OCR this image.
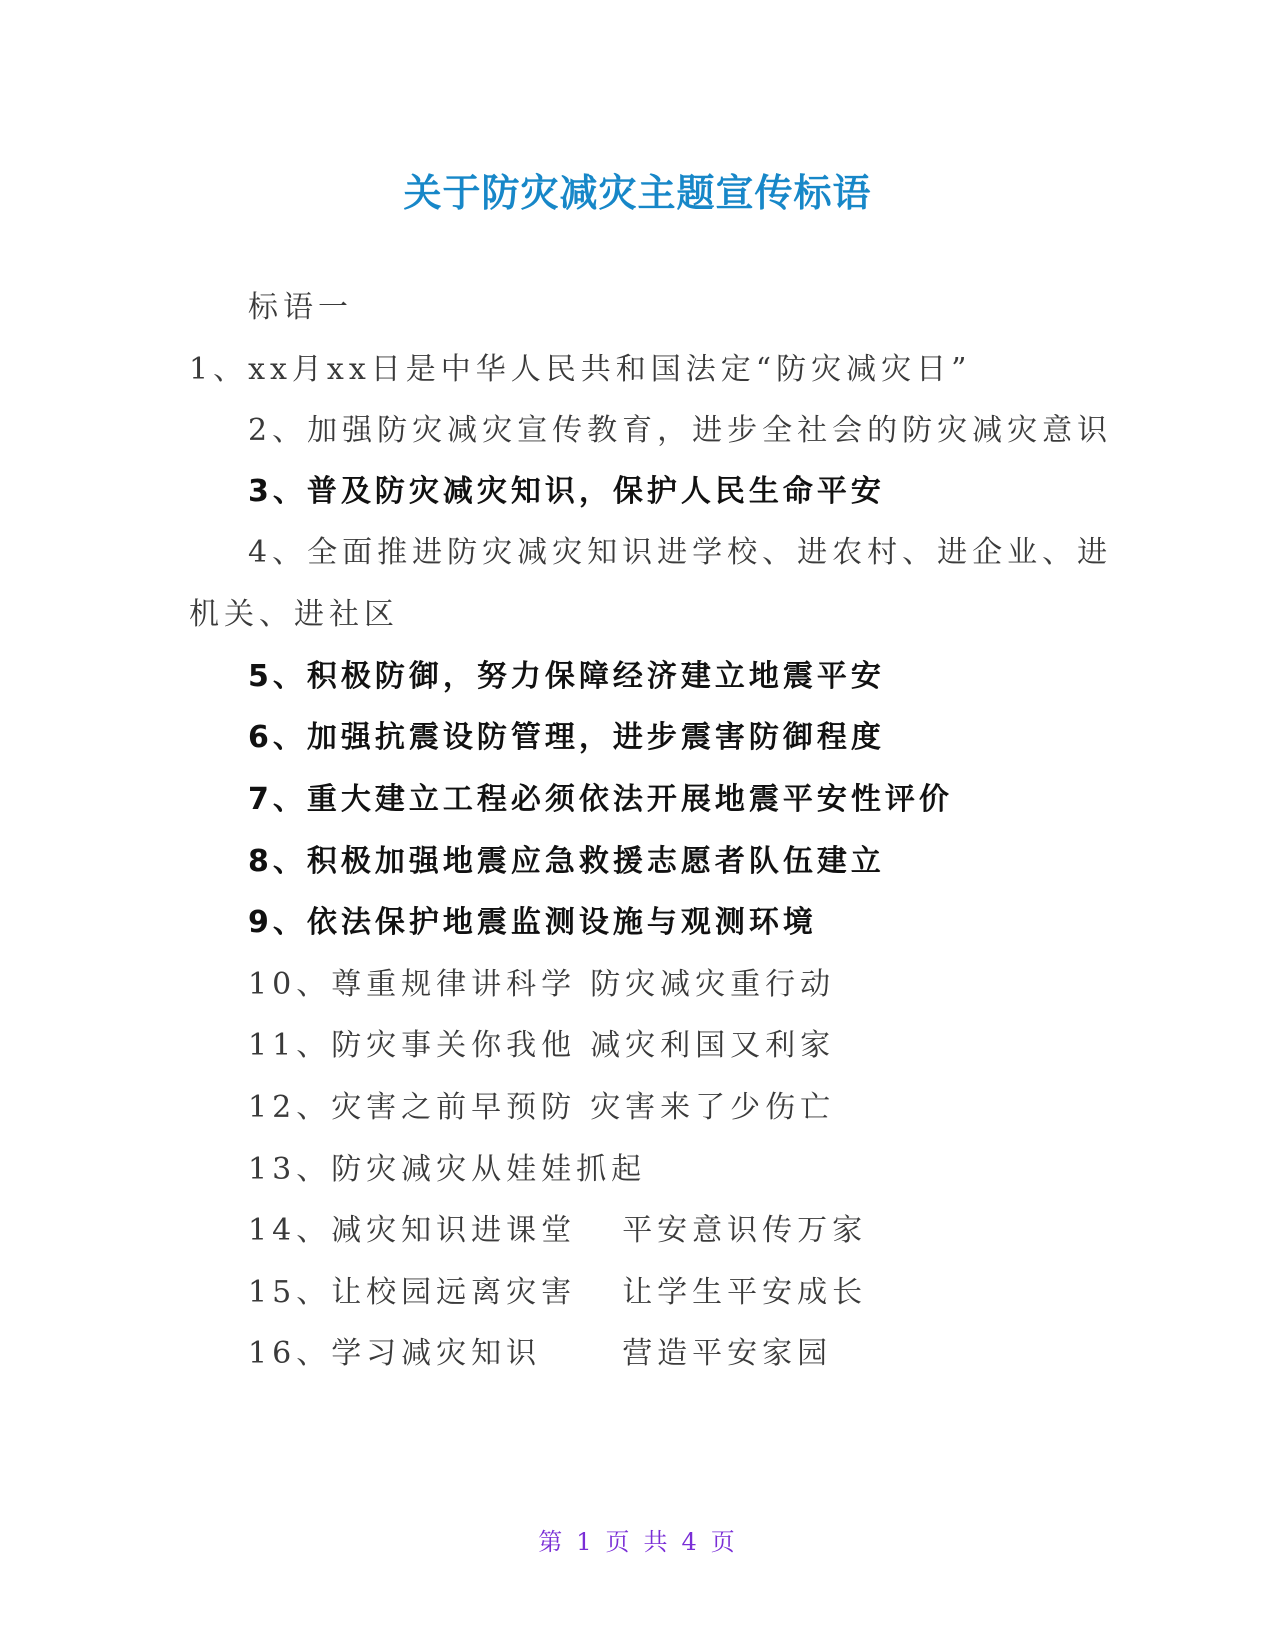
关于防灾减灾主题宣传标语
标语一
1、xx月xx日是中华人民共和国法定“防灾减灾日”
2、加强防灾减灾宣传教育，进步全社会的防灾减灾意识
3、普及防灾减灾知识，保护人民生命平安
4、全面推进防灾减灾知识进学校、进农村、进企业、进
机关、进社区
5、积极防御，努力保障经济建立地震平安
6、加强抗震设防管理，进步震害防御程度
7、重大建立工程必须依法开展地震平安性评价
8、积极加强地震应急救援志愿者队伍建立
9、依法保护地震监测设施与观测环境
10、尊重规律讲科学 防灾减灾重行动
11、防灾事关你我他 减灾利国又利家
12、灾害之前早预防 灾害来了少伤亡
13、防灾减灾从娃娃抓起
14、减灾知识进课堂 平安意识传万家
15、让校园远离灾害 让学生平安成长
16、学习减灾知识	营造平安家园
第 1 页 共 4 页
